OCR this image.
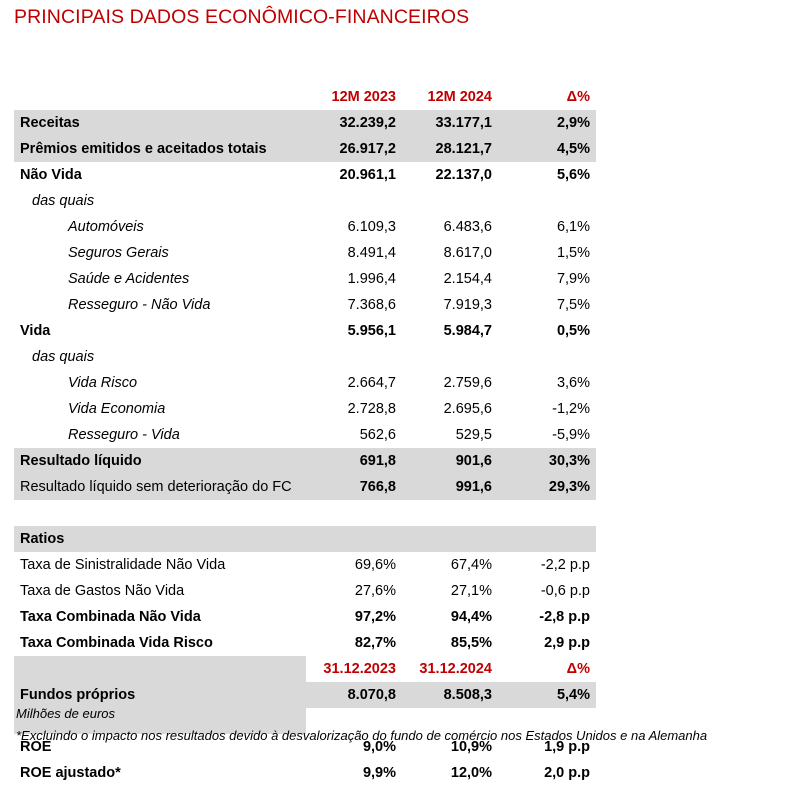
PRINCIPAIS DADOS ECONÔMICO-FINANCEIROS
	12M 2023	12M 2024	Δ%
Receitas	32.239,2	33.177,1	2,9%
Prêmios emitidos e aceitados totais	26.917,2	28.121,7	4,5%
Não Vida	20.961,1	22.137,0	5,6%
das quais			
Automóveis	6.109,3	6.483,6	6,1%
Seguros Gerais	8.491,4	8.617,0	1,5%
Saúde e Acidentes	1.996,4	2.154,4	7,9%
Resseguro - Não Vida	7.368,6	7.919,3	7,5%
Vida	5.956,1	5.984,7	0,5%
das quais			
Vida Risco	2.664,7	2.759,6	3,6%
Vida Economia	2.728,8	2.695,6	-1,2%
Resseguro - Vida	562,6	529,5	-5,9%
Resultado líquido	691,8	901,6	30,3%
Resultado líquido sem deterioração do FC	766,8	991,6	29,3%

Ratios			
Taxa de Sinistralidade Não Vida	69,6%	67,4%	-2,2 p.p
Taxa de Gastos Não Vida	27,6%	27,1%	-0,6 p.p
Taxa Combinada Não Vida	97,2%	94,4%	-2,8 p.p
Taxa Combinada Vida Risco	82,7%	85,5%	2,9 p.p
	31.12.2023	31.12.2024	Δ%
Fundos próprios	8.070,8	8.508,3	5,4%

ROE	9,0%	10,9%	1,9 p.p
ROE ajustado*	9,9%	12,0%	2,0 p.p
Milhões de euros
*Excluindo o impacto nos resultados devido à desvalorização do fundo de comércio nos Estados Unidos e na Alemanha
